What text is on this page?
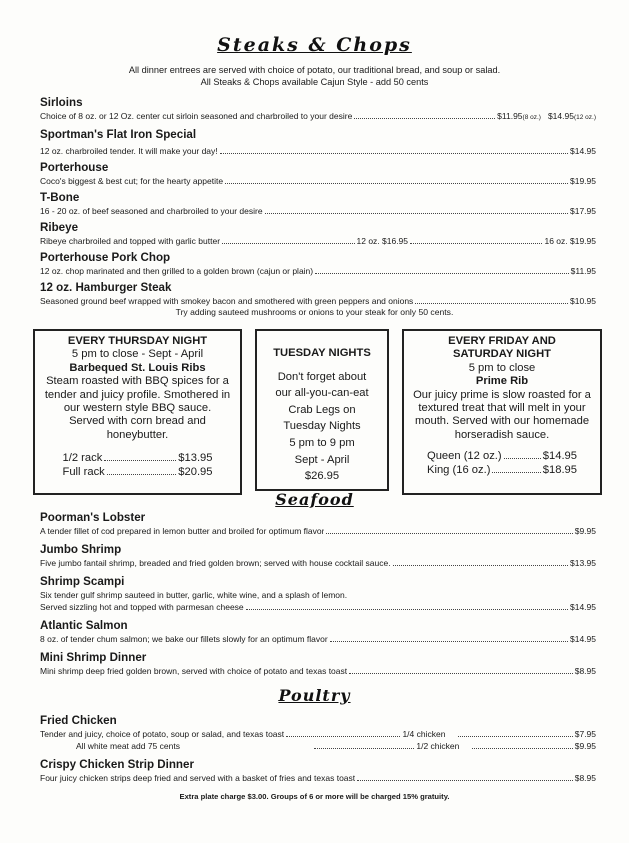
Steaks & Chops
All dinner entrees are served with choice of potato, our traditional bread, and soup or salad.
All Steaks & Chops available Cajun Style - add 50 cents
Sirloins
Choice of 8 oz. or 12 Oz. center cut sirloin seasoned and charbroiled to your desire	$11.95(8 oz.) $14.95(12 oz.)
Sportman's Flat Iron Special
12 oz. charbroiled tender. It will make your day!	$14.95
Porterhouse
Coco's biggest & best cut; for the hearty appetite	$19.95
T-Bone
16 - 20 oz. of beef seasoned and charbroiled to your desire	$17.95
Ribeye
Ribeye charbroiled and topped with garlic butter	12 oz. $16.95	16 oz. $19.95
Porterhouse Pork Chop
12 oz. chop marinated and then grilled to a golden brown (cajun or plain)	$11.95
12 oz. Hamburger Steak
Seasoned ground beef wrapped with smokey bacon and smothered with green peppers and onions	$10.95
Try adding sauteed mushrooms or onions to your steak for only 50 cents.
EVERY THURSDAY NIGHT
5 pm to close - Sept - April
Barbequed St. Louis Ribs
Steam roasted with BBQ spices for a
tender and juicy profile. Smothered in
our western style BBQ sauce.
Served with corn bread and
honeybutter.
1/2 rack	$13.95
Full rack	$20.95
TUESDAY NIGHTS
Don't forget about
our all-you-can-eat
Crab Legs on
Tuesday Nights
5 pm to 9 pm
Sept - April
$26.95
EVERY FRIDAY AND
SATURDAY NIGHT
5 pm to close
Prime Rib
Our juicy prime is slow roasted for a
textured treat that will melt in your
mouth. Served with our homemade
horseradish sauce.
Queen (12 oz.)	$14.95
King (16 oz.)	$18.95
Seafood
Poorman's Lobster
A tender fillet of cod prepared in lemon butter and broiled for optimum flavor	$9.95
Jumbo Shrimp
Five jumbo fantail shrimp, breaded and fried golden brown; served with house cocktail sauce.	$13.95
Shrimp Scampi
Six tender gulf shrimp sauteed in butter, garlic, white wine, and a splash of lemon.
Served sizzling hot and topped with parmesan cheese	$14.95
Atlantic Salmon
8 oz. of tender chum salmon; we bake our fillets slowly for an optimum flavor	$14.95
Mini Shrimp Dinner
Mini shrimp deep fried golden brown, served with choice of potato and texas toast	$8.95
Poultry
Fried Chicken
Tender and juicy, choice of potato, soup or salad, and texas toast	1/4 chicken	$7.95
All white meat add 75 cents	1/2 chicken	$9.95
Crispy Chicken Strip Dinner
Four juicy chicken strips deep fried and served with a basket of fries and texas toast	$8.95
Extra plate charge $3.00. Groups of 6 or more will be charged 15% gratuity.
